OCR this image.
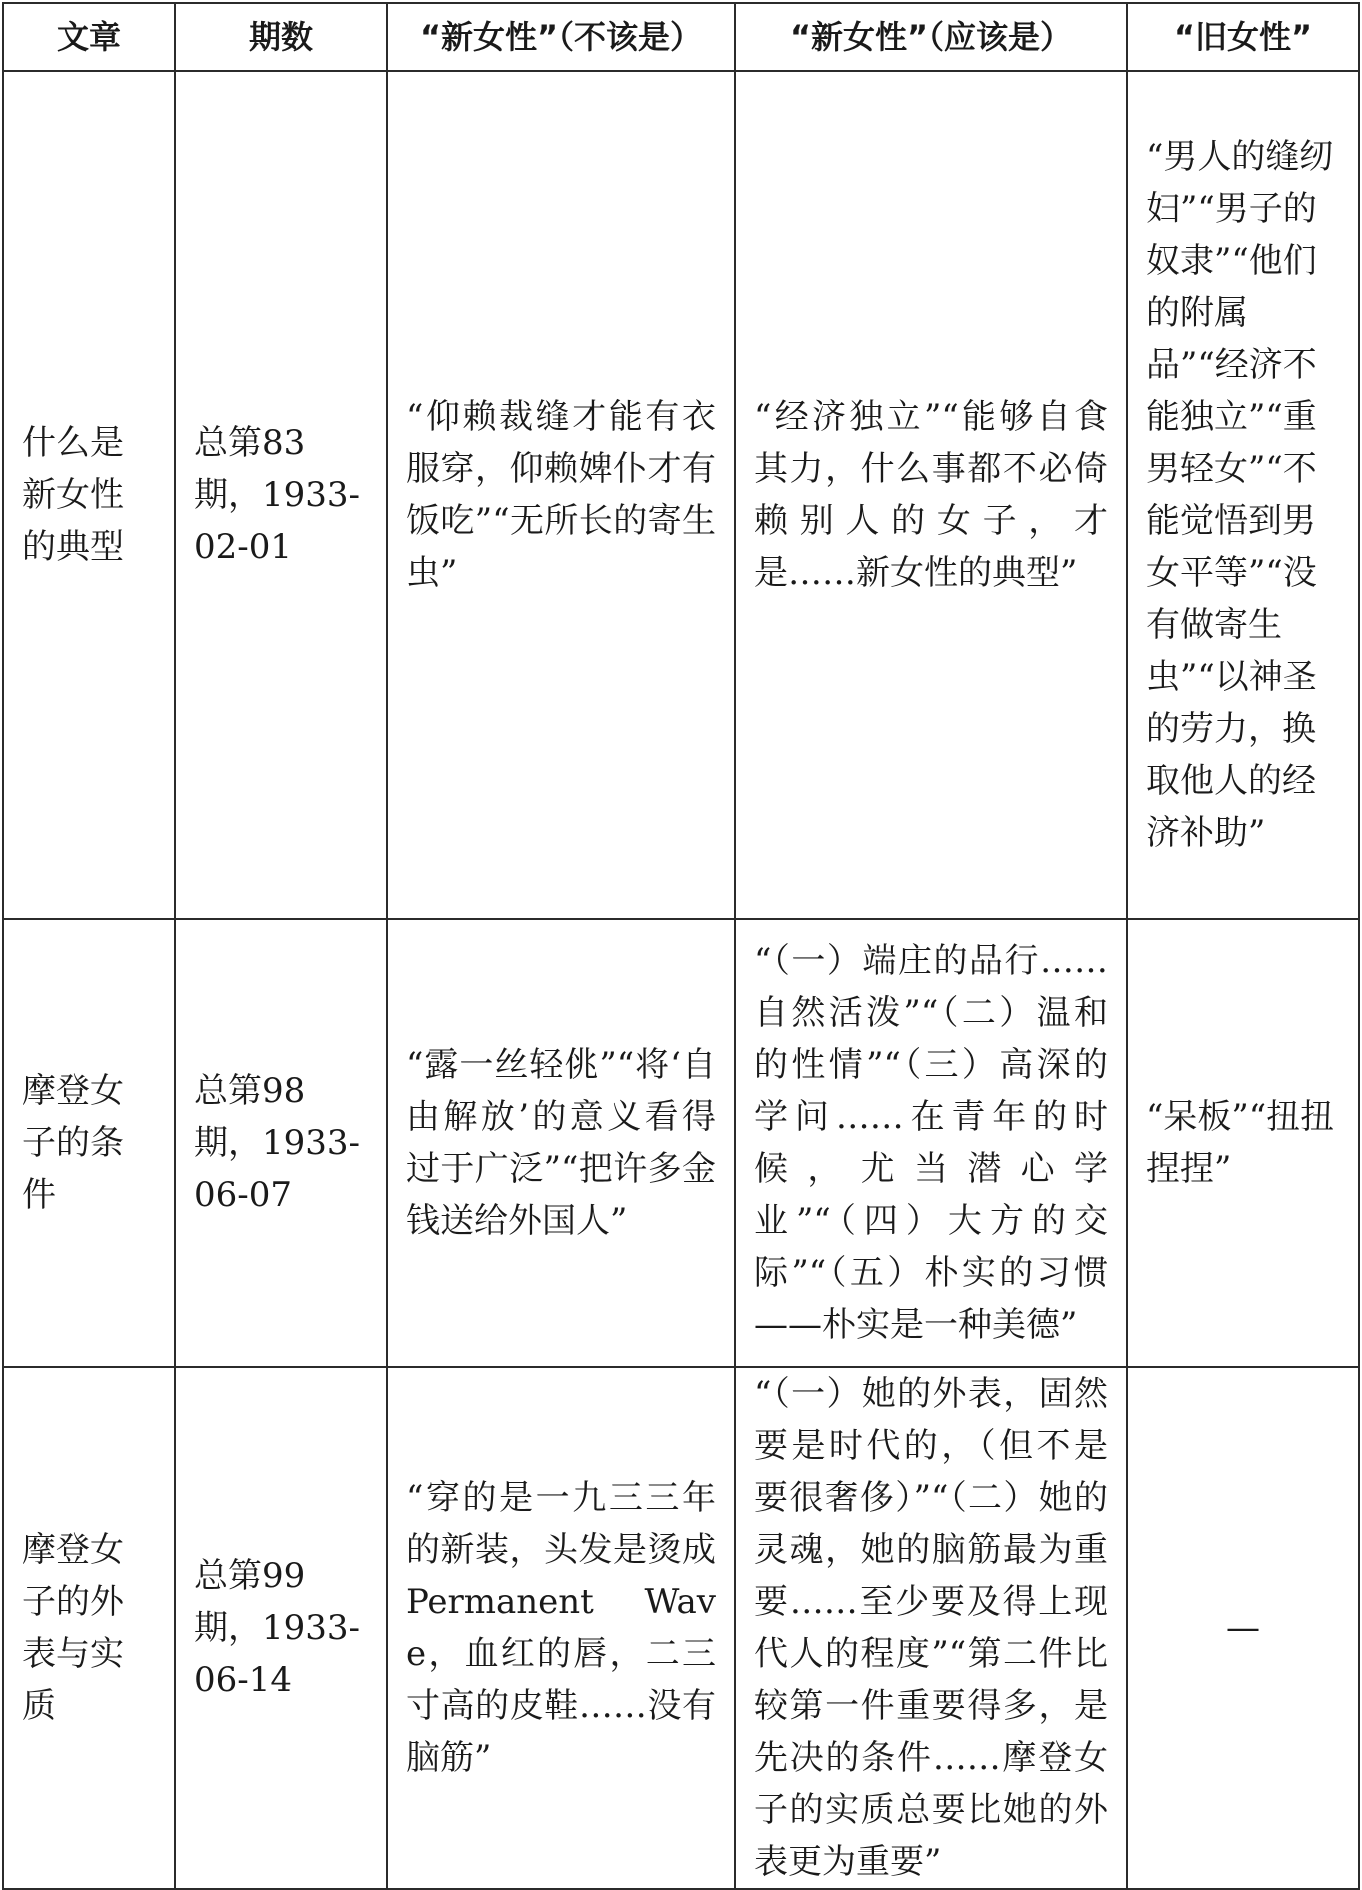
文章	期数	“新女性”（不该是）	“新女性”（应该是）	“旧女性”
什么是新女性的典型	总第83期，1933-02-01	“仰赖裁缝才能有衣服穿，仰赖婢仆才有饭吃”“无所长的寄生虫”	“经济独立”“能够自食其力，什么事都不必倚赖别人的女子，才是……新女性的典型”	“男人的缝纫妇”“男子的奴隶”“他们的附属品”“经济不能独立”“重男轻女”“不能觉悟到男女平等”“没有做寄生虫”“以神圣的劳力，换取他人的经济补助”
摩登女子的条件	总第98期，1933-06-07	“露一丝轻佻”“将‘自由解放’的意义看得过于广泛”“把许多金钱送给外国人”	“（一）端庄的品行……自然活泼”“（二）温和的性情”“（三）高深的学问……在青年的时候，尤当潜心学业”“（四）大方的交际”“（五）朴实的习惯——朴实是一种美德”	“呆板”“扭扭捏捏”
摩登女子的外表与实质	总第99期，1933-06-14	“穿的是一九三三年的新装，头发是烫成Permanent Wave，血红的唇，二三寸高的皮鞋……没有脑筋”	“（一）她的外表，固然要是时代的，（但不是要很奢侈）”“（二）她的灵魂，她的脑筋最为重要……至少要及得上现代人的程度”“第二件比较第一件重要得多，是先决的条件……摩登女子的实质总要比她的外表更为重要”	—
